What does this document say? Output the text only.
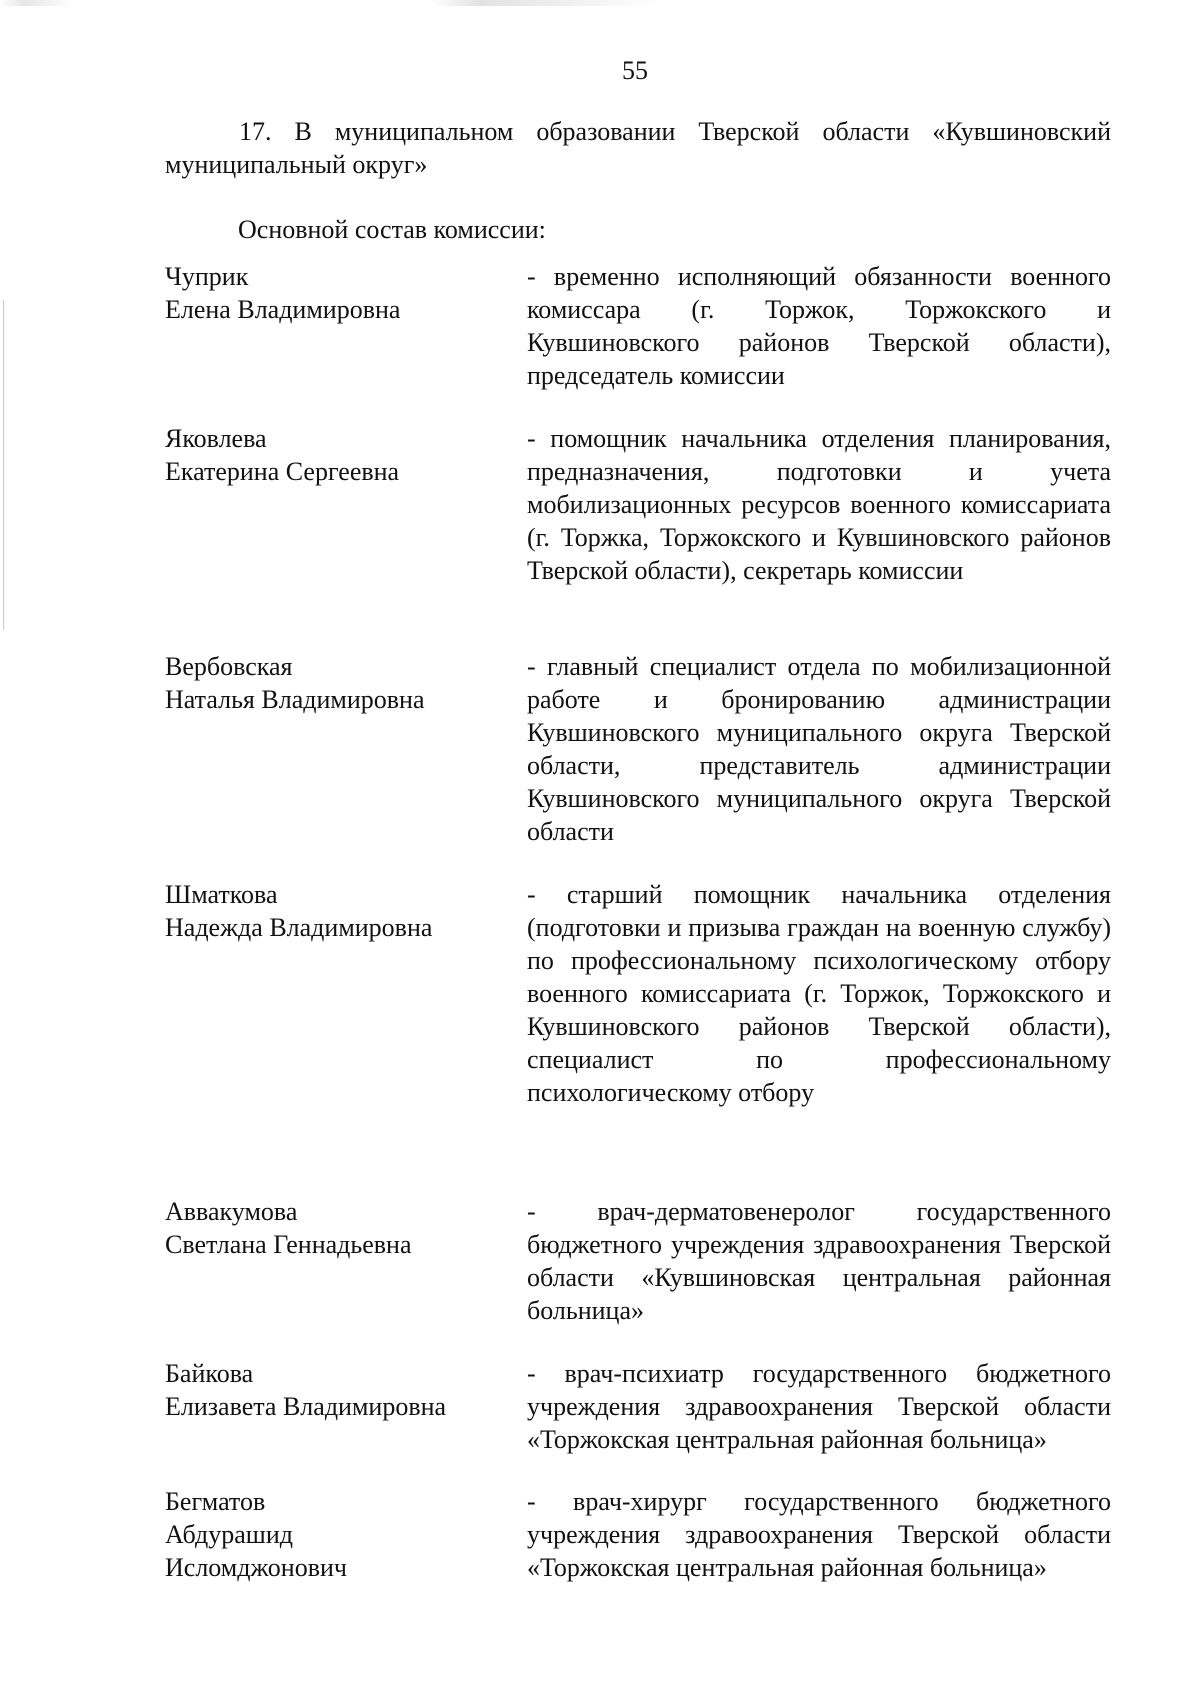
55
17. В муниципальном образовании Тверской области «Кувшиновский муниципальный округ»
Основной состав комиссии:
Чуприк
Елена Владимировна
- временно исполняющий обязанности военного комиссара (г. Торжок, Торжокского и Кувшиновского районов Тверской области), председатель комиссии
Яковлева
Екатерина Сергеевна
- помощник начальника отделения планирования, предназначения, подготовки и учета мобилизационных ресурсов военного комиссариата (г. Торжка, Торжокского и Кувшиновского районов Тверской области), секретарь комиссии
Вербовская
Наталья Владимировна
- главный специалист отдела по мобилизационной работе и бронированию администрации Кувшиновского муниципального округа Тверской области, представитель администрации Кувшиновского муниципального округа Тверской области
Шматкова
Надежда Владимировна
- старший помощник начальника отделения (подготовки и призыва граждан на военную службу) по профессиональному психологическому отбору военного комиссариата (г. Торжок, Торжокского и Кувшиновского районов Тверской области), специалист по профессиональному психологическому отбору
Аввакумова
Светлана Геннадьевна
- врач-дерматовенеролог государственного бюджетного учреждения здравоохранения Тверской области «Кувшиновская центральная районная больница»
Байкова
Елизавета Владимировна
- врач-психиатр государственного бюджетного учреждения здравоохранения Тверской области «Торжокская центральная районная больница»
Бегматов
Абдурашид
Исломджонович
- врач-хирург государственного бюджетного учреждения здравоохранения Тверской области «Торжокская центральная районная больница»
